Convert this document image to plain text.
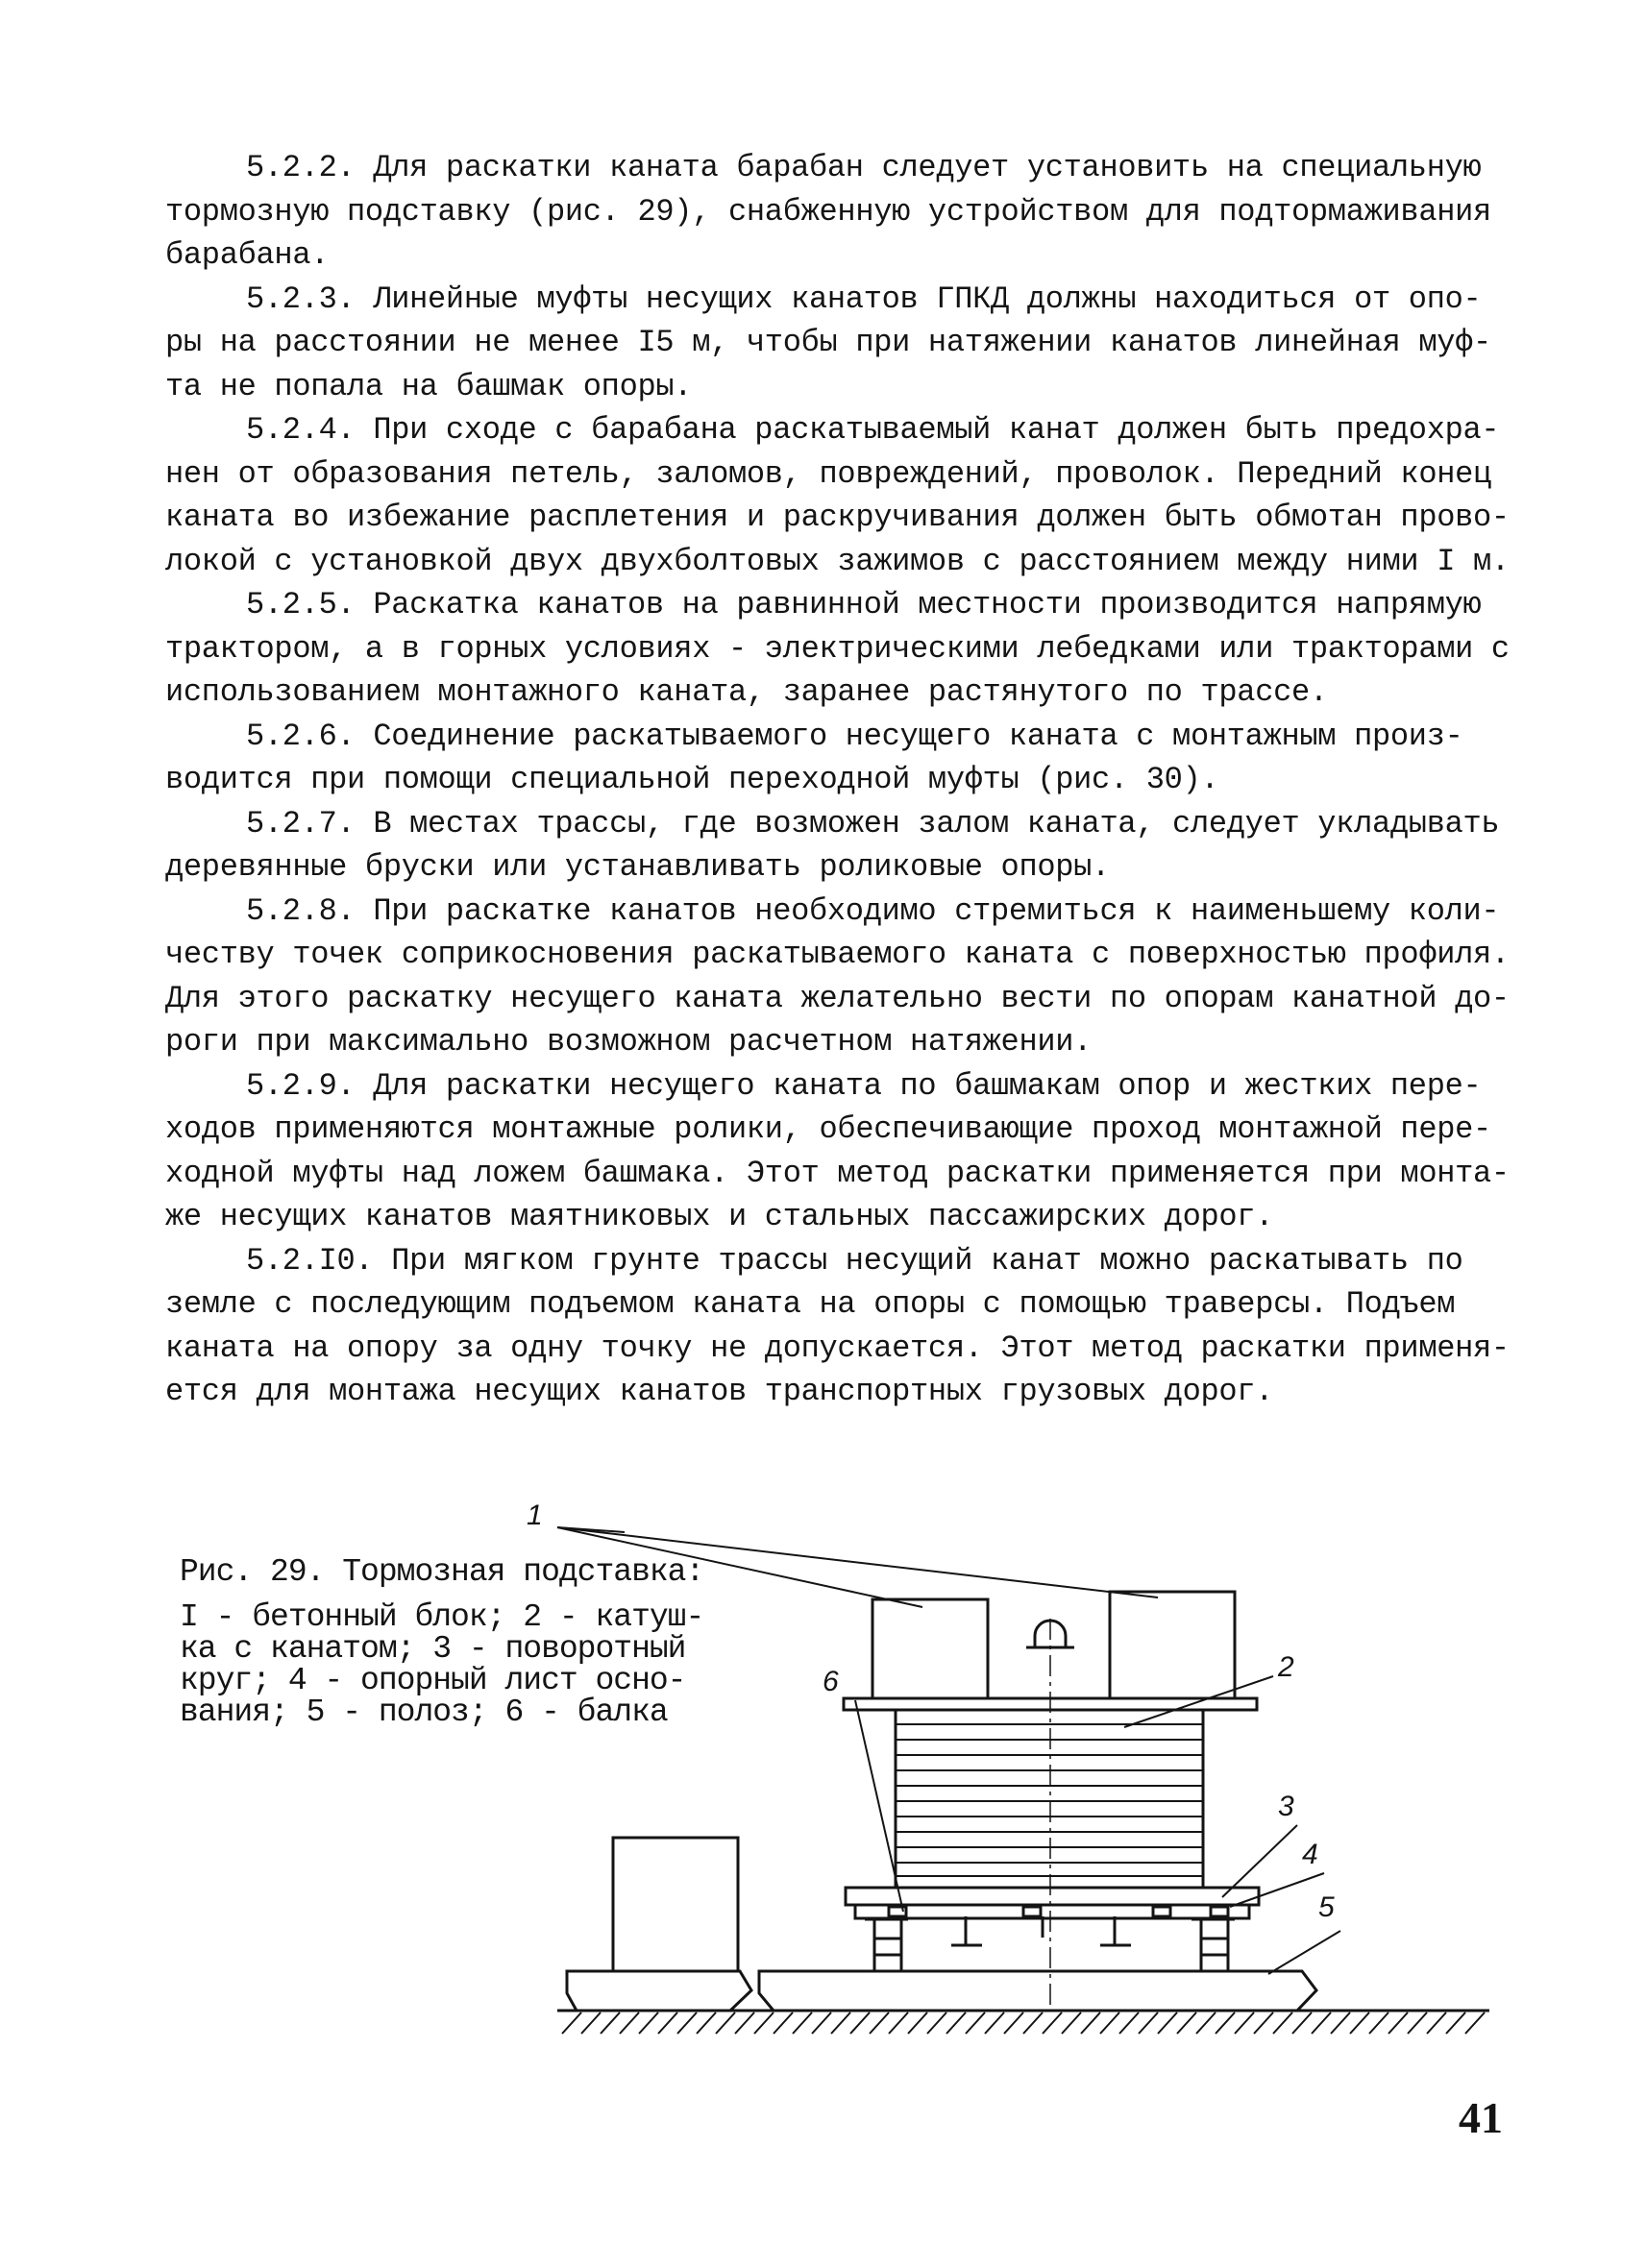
5.2.2. Для раскатки каната барабан следует установить на специальную
тормозную подставку (рис. 29), снабженную устройством для подтормаживания
барабана.
5.2.3. Линейные муфты несущих канатов ГПКД должны находиться от опо-
ры на расстоянии не менее I5 м, чтобы при натяжении канатов линейная муф-
та не попала на башмак опоры.
5.2.4. При сходе с барабана раскатываемый канат должен быть предохра-
нен от образования петель, заломов, повреждений, проволок. Передний конец
каната во избежание расплетения и раскручивания должен быть обмотан прово-
локой с установкой двух двухболтовых зажимов с расстоянием между ними I м.
5.2.5. Раскатка канатов на равнинной местности производится напрямую
трактором, а в горных условиях - электрическими лебедками или тракторами с
использованием монтажного каната, заранее растянутого по трассе.
5.2.6. Соединение раскатываемого несущего каната с монтажным произ-
водится при помощи специальной переходной муфты (рис. 30).
5.2.7. В местах трассы, где возможен залом каната, следует укладывать
деревянные бруски или устанавливать роликовые опоры.
5.2.8. При раскатке канатов необходимо стремиться к наименьшему коли-
честву точек соприкосновения раскатываемого каната с поверхностью профиля.
Для этого раскатку несущего каната желательно вести по опорам канатной до-
роги при максимально возможном расчетном натяжении.
5.2.9. Для раскатки несущего каната по башмакам опор и жестких пере-
ходов применяются монтажные ролики, обеспечивающие проход монтажной пере-
ходной муфты над ложем башмака. Этот метод раскатки применяется при монта-
же несущих канатов маятниковых и стальных пассажирских дорог.
5.2.I0. При мягком грунте трассы несущий канат можно раскатывать по
земле с последующим подъемом каната на опоры с помощью траверсы. Подъем
каната на опору за одну точку не допускается. Этот метод раскатки применя-
ется для монтажа несущих канатов транспортных грузовых дорог.
Рис. 29. Тормозная подставка:
I - бетонный блок; 2 - катуш-
ка с канатом; 3 - поворотный
круг; 4 - опорный лист осно-
вания; 5 - полоз; 6 - балка
1
2
3
4
5
6
41
